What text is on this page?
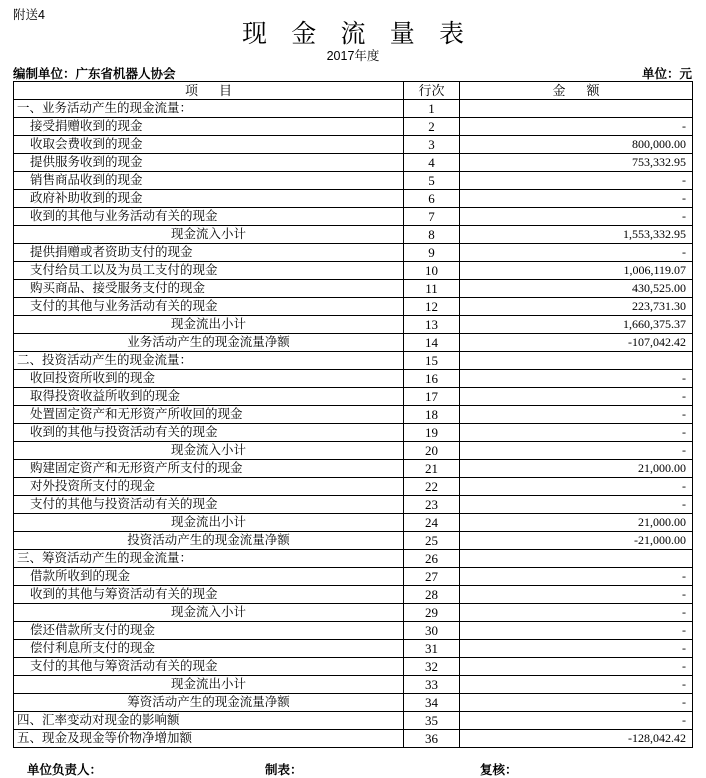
附送4
现 金 流 量 表
2017年度
编制单位：广东省机器人协会	单位：元
项　目	行次	金　额
一、业务活动产生的现金流量：	1	
接受捐赠收到的现金	2	-
收取会费收到的现金	3	800,000.00
提供服务收到的现金	4	753,332.95
销售商品收到的现金	5	-
政府补助收到的现金	6	-
收到的其他与业务活动有关的现金	7	-
现金流入小计	8	1,553,332.95
提供捐赠或者资助支付的现金	9	-
支付给员工以及为员工支付的现金	10	1,006,119.07
购买商品、接受服务支付的现金	11	430,525.00
支付的其他与业务活动有关的现金	12	223,731.30
现金流出小计	13	1,660,375.37
业务活动产生的现金流量净额	14	-107,042.42
二、投资活动产生的现金流量：	15	
收回投资所收到的现金	16	-
取得投资收益所收到的现金	17	-
处置固定资产和无形资产所收回的现金	18	-
收到的其他与投资活动有关的现金	19	-
现金流入小计	20	-
购建固定资产和无形资产所支付的现金	21	21,000.00
对外投资所支付的现金	22	-
支付的其他与投资活动有关的现金	23	-
现金流出小计	24	21,000.00
投资活动产生的现金流量净额	25	-21,000.00
三、筹资活动产生的现金流量：	26	
借款所收到的现金	27	-
收到的其他与筹资活动有关的现金	28	-
现金流入小计	29	-
偿还借款所支付的现金	30	-
偿付利息所支付的现金	31	-
支付的其他与筹资活动有关的现金	32	-
现金流出小计	33	-
筹资活动产生的现金流量净额	34	-
四、汇率变动对现金的影响额	35	-
五、现金及现金等价物净增加额	36	-128,042.42
单位负责人：	制表：	复核：
